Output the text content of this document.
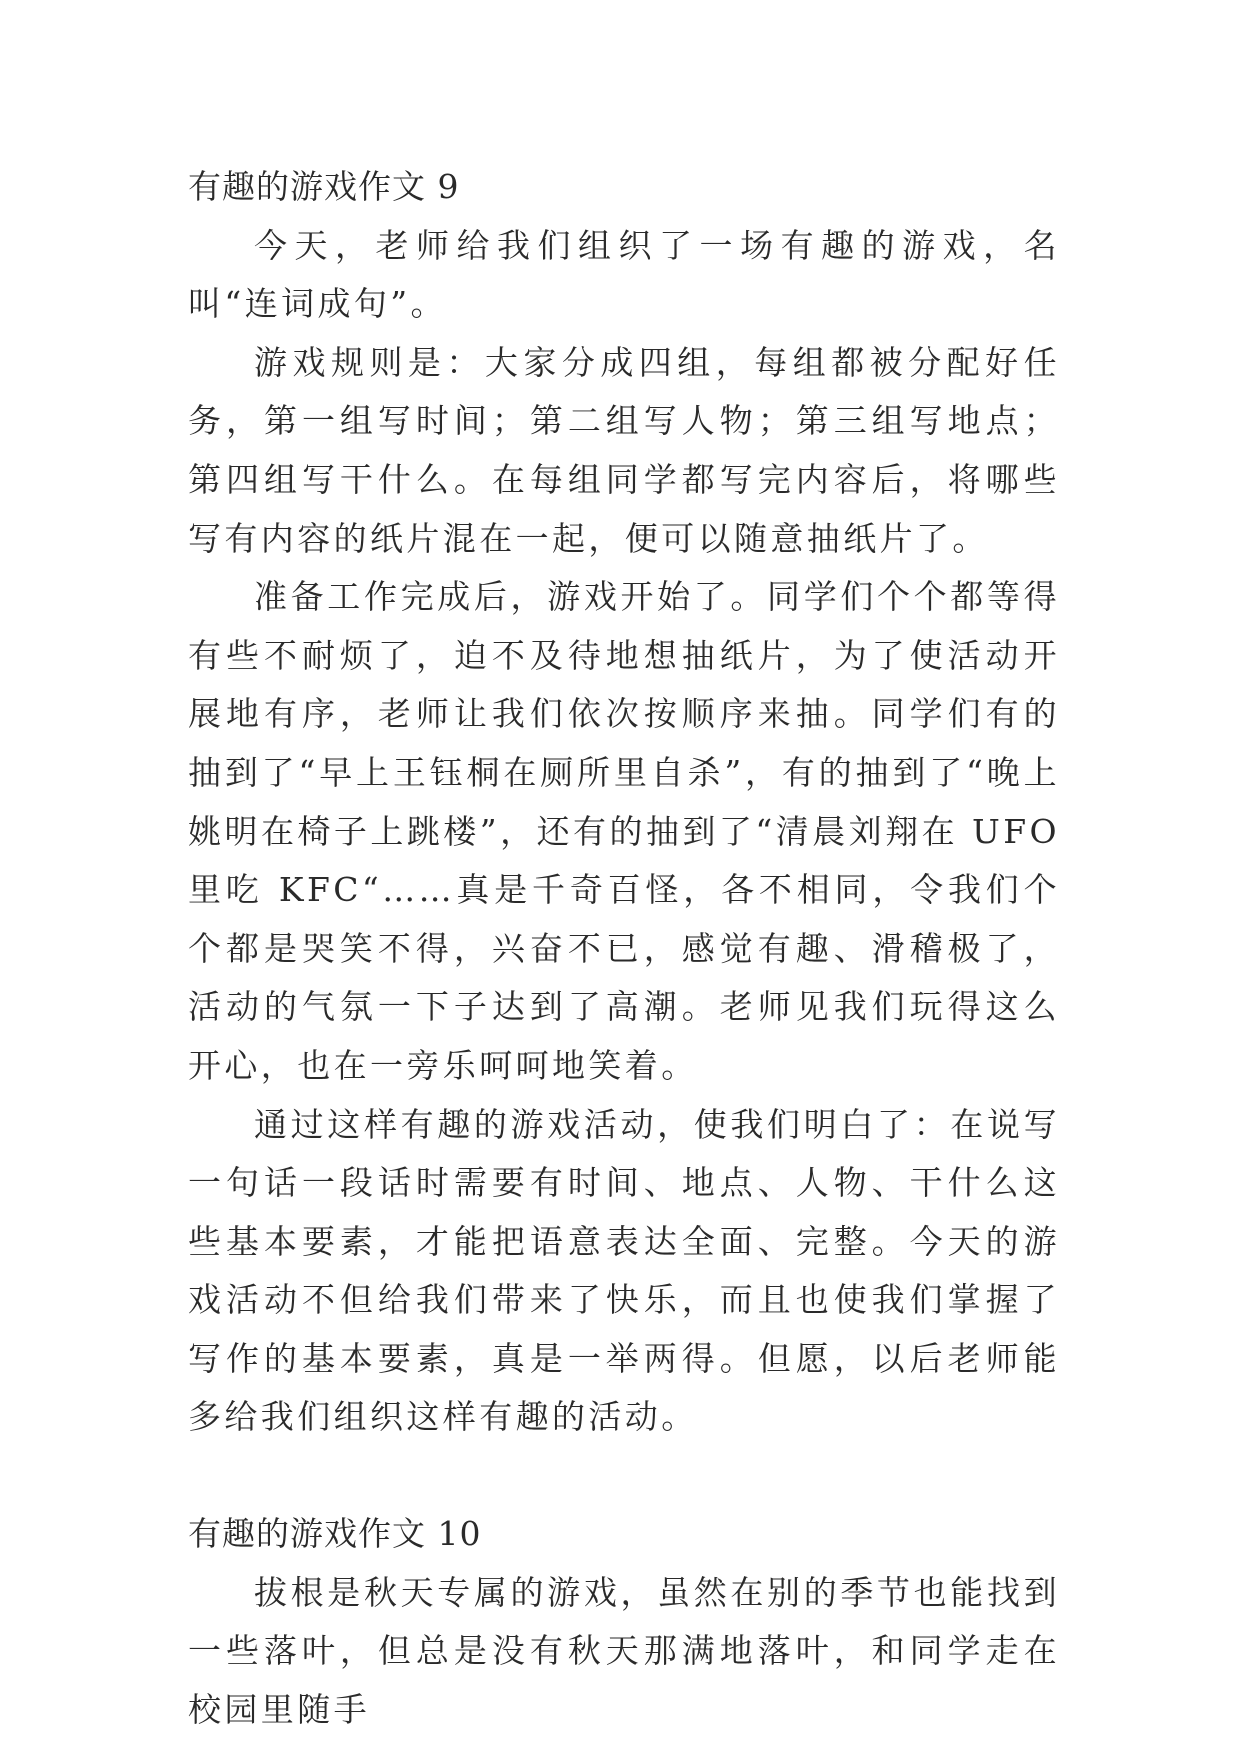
有趣的游戏作文 9

今天，老师给我们组织了一场有趣的游戏，名叫“连词成句”。

游戏规则是：大家分成四组，每组都被分配好任务，第一组写时间；第二组写人物；第三组写地点；第四组写干什么。在每组同学都写完内容后，将哪些写有内容的纸片混在一起，便可以随意抽纸片了。

准备工作完成后，游戏开始了。同学们个个都等得有些不耐烦了，迫不及待地想抽纸片，为了使活动开展地有序，老师让我们依次按顺序来抽。同学们有的抽到了“早上王钰桐在厕所里自杀”，有的抽到了“晚上姚明在椅子上跳楼”，还有的抽到了“清晨刘翔在 UFO 里吃 KFC“……真是千奇百怪，各不相同，令我们个个都是哭笑不得，兴奋不已，感觉有趣、滑稽极了，活动的气氛一下子达到了高潮。老师见我们玩得这么开心，也在一旁乐呵呵地笑着。

通过这样有趣的游戏活动，使我们明白了：在说写一句话一段话时需要有时间、地点、人物、干什么这些基本要素，才能把语意表达全面、完整。今天的游戏活动不但给我们带来了快乐，而且也使我们掌握了写作的基本要素，真是一举两得。但愿，以后老师能多给我们组织这样有趣的活动。

有趣的游戏作文 10

拔根是秋天专属的游戏，虽然在别的季节也能找到一些落叶，但总是没有秋天那满地落叶，和同学走在校园里随手
